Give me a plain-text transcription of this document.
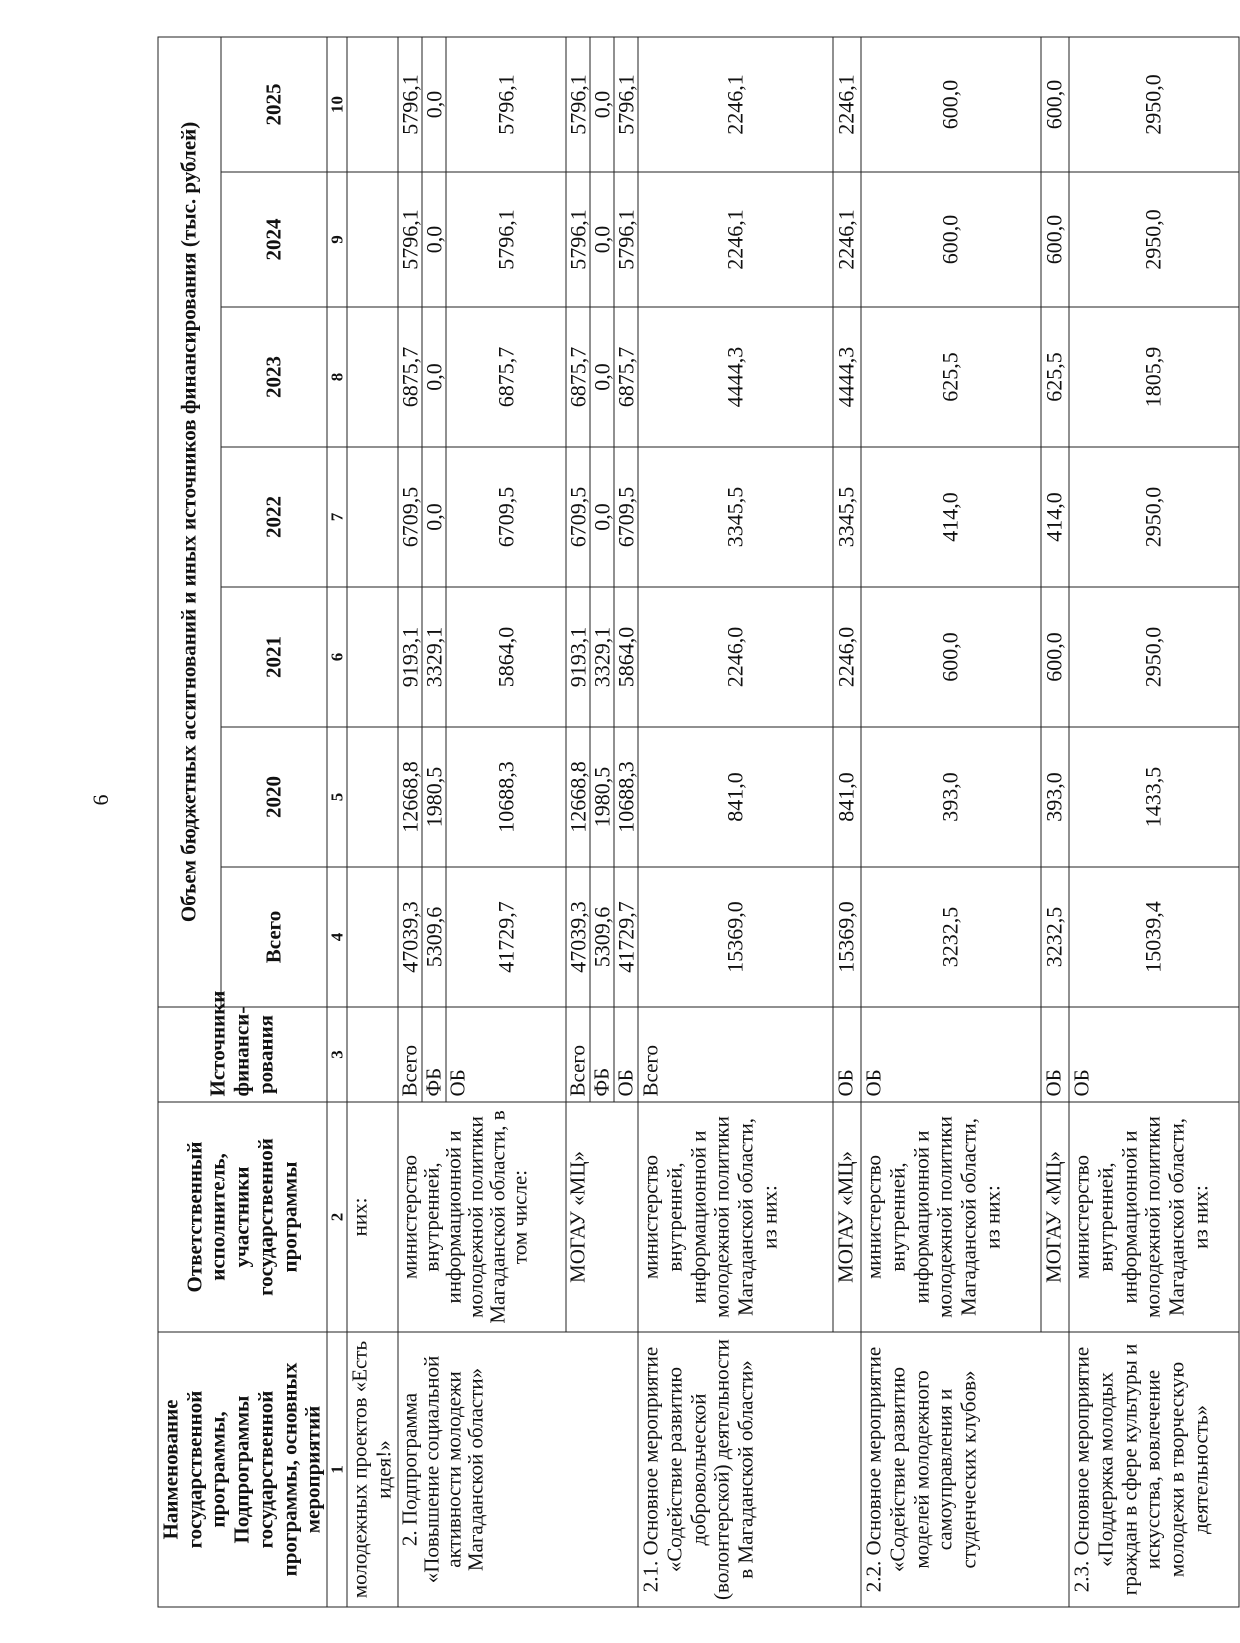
6
Наименование государственной программы, Подпрограммы государственной программы, основных мероприятий	Ответственный исполнитель, участники государственной программы	Источники финанси-рования	Объем бюджетных ассигнований и иных источников финансирования (тыс. рублей)						
			Всего	2020	2021	2022	2023	2024	2025
1	2	3	4	5	6	7	8	9	10
молодежных проектов «Есть идея!»	них:								
2. Подпрограмма «Повышение социальной активности молодежи Магаданской области»	министерство внутренней, информационной и молодежной политики Магаданской области, в том числе:	Всего	47039,3	12668,8	9193,1	6709,5	6875,7	5796,1	5796,1
		ФБ	5309,6	1980,5	3329,1	0,0	0,0	0,0	0,0
		ОБ	41729,7	10688,3	5864,0	6709,5	6875,7	5796,1	5796,1
	МОГАУ «МЦ»	Всего	47039,3	12668,8	9193,1	6709,5	6875,7	5796,1	5796,1
		ФБ	5309,6	1980,5	3329,1	0,0	0,0	0,0	0,0
		ОБ	41729,7	10688,3	5864,0	6709,5	6875,7	5796,1	5796,1
2.1. Основное мероприятие «Содействие развитию добровольческой (волонтерской) деятельности в Магаданской области»	министерство внутренней, информационной и молодежной политики Магаданской области, из них:	Всего	15369,0	841,0	2246,0	3345,5	4444,3	2246,1	2246,1
	МОГАУ «МЦ»	ОБ	15369,0	841,0	2246,0	3345,5	4444,3	2246,1	2246,1
2.2. Основное мероприятие «Содействие развитию моделей молодежного самоуправления и студенческих клубов»	министерство внутренней, информационной и молодежной политики Магаданской области, из них:	ОБ	3232,5	393,0	600,0	414,0	625,5	600,0	600,0
	МОГАУ «МЦ»	ОБ	3232,5	393,0	600,0	414,0	625,5	600,0	600,0
2.3. Основное мероприятие «Поддержка молодых граждан в сфере культуры и искусства, вовлечение молодежи в творческую деятельность»	министерство внутренней, информационной и молодежной политики Магаданской области, из них:	ОБ	15039,4	1433,5	2950,0	2950,0	1805,9	2950,0	2950,0
